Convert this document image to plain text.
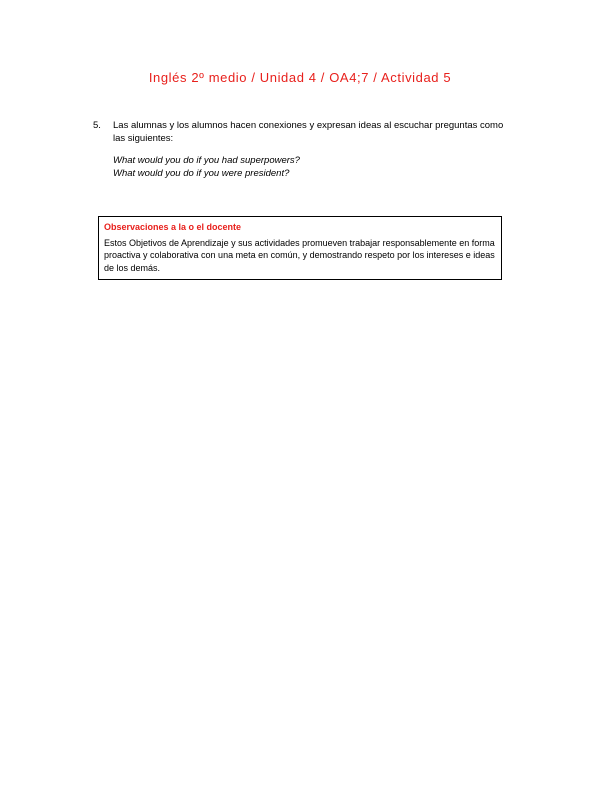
Inglés 2º medio / Unidad 4 / OA4;7 / Actividad 5
5. Las alumnas y los alumnos hacen conexiones y expresan ideas al escuchar preguntas como las siguientes:
What would you do if you had superpowers?
What would you do if you were president?
Observaciones a la o el docente
Estos Objetivos de Aprendizaje y sus actividades promueven trabajar responsablemente en forma proactiva y colaborativa con una meta en común, y demostrando respeto por los intereses e ideas de los demás.
